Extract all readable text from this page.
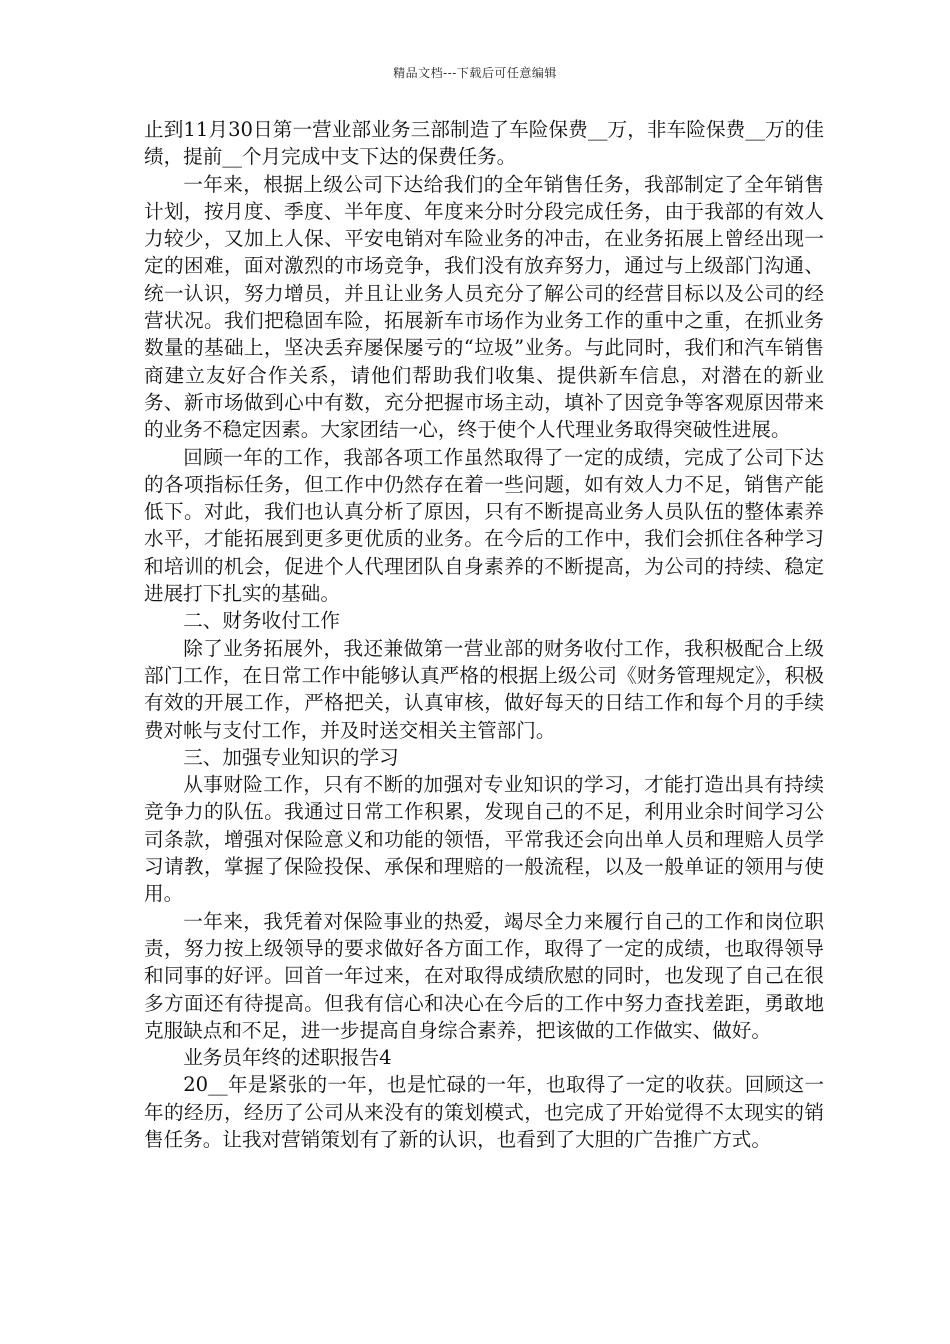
精品文档---下载后可任意编辑

止到11月30日第一营业部业务三部制造了车险保费__万，非车险保费__万的佳绩，提前__个月完成中支下达的保费任务。

一年来，根据上级公司下达给我们的全年销售任务，我部制定了全年销售计划，按月度、季度、半年度、年度来分时分段完成任务，由于我部的有效人力较少，又加上人保、平安电销对车险业务的冲击，在业务拓展上曾经出现一定的困难，面对激烈的市场竞争，我们没有放弃努力，通过与上级部门沟通、统一认识，努力增员，并且让业务人员充分了解公司的经营目标以及公司的经营状况。我们把稳固车险，拓展新车市场作为业务工作的重中之重，在抓业务数量的基础上，坚决丢弃屡保屡亏的“垃圾”业务。与此同时，我们和汽车销售商建立友好合作关系，请他们帮助我们收集、提供新车信息，对潜在的新业务、新市场做到心中有数，充分把握市场主动，填补了因竞争等客观原因带来的业务不稳定因素。大家团结一心，终于使个人代理业务取得突破性进展。

回顾一年的工作，我部各项工作虽然取得了一定的成绩，完成了公司下达的各项指标任务，但工作中仍然存在着一些问题，如有效人力不足，销售产能低下。对此，我们也认真分析了原因，只有不断提高业务人员队伍的整体素养水平，才能拓展到更多更优质的业务。在今后的工作中，我们会抓住各种学习和培训的机会，促进个人代理团队自身素养的不断提高，为公司的持续、稳定进展打下扎实的基础。

二、财务收付工作

除了业务拓展外，我还兼做第一营业部的财务收付工作，我积极配合上级部门工作，在日常工作中能够认真严格的根据上级公司《财务管理规定》，积极有效的开展工作，严格把关，认真审核，做好每天的日结工作和每个月的手续费对帐与支付工作，并及时送交相关主管部门。

三、加强专业知识的学习

从事财险工作，只有不断的加强对专业知识的学习，才能打造出具有持续竞争力的队伍。我通过日常工作积累，发现自己的不足，利用业余时间学习公司条款，增强对保险意义和功能的领悟，平常我还会向出单人员和理赔人员学习请教，掌握了保险投保、承保和理赔的一般流程，以及一般单证的领用与使用。

一年来，我凭着对保险事业的热爱，竭尽全力来履行自己的工作和岗位职责，努力按上级领导的要求做好各方面工作，取得了一定的成绩，也取得领导和同事的好评。回首一年过来，在对取得成绩欣慰的同时，也发现了自己在很多方面还有待提高。但我有信心和决心在今后的工作中努力查找差距，勇敢地克服缺点和不足，进一步提高自身综合素养，把该做的工作做实、做好。

业务员年终的述职报告4

20__年是紧张的一年，也是忙碌的一年，也取得了一定的收获。回顾这一年的经历，经历了公司从来没有的策划模式，也完成了开始觉得不太现实的销售任务。让我对营销策划有了新的认识，也看到了大胆的广告推广方式。
